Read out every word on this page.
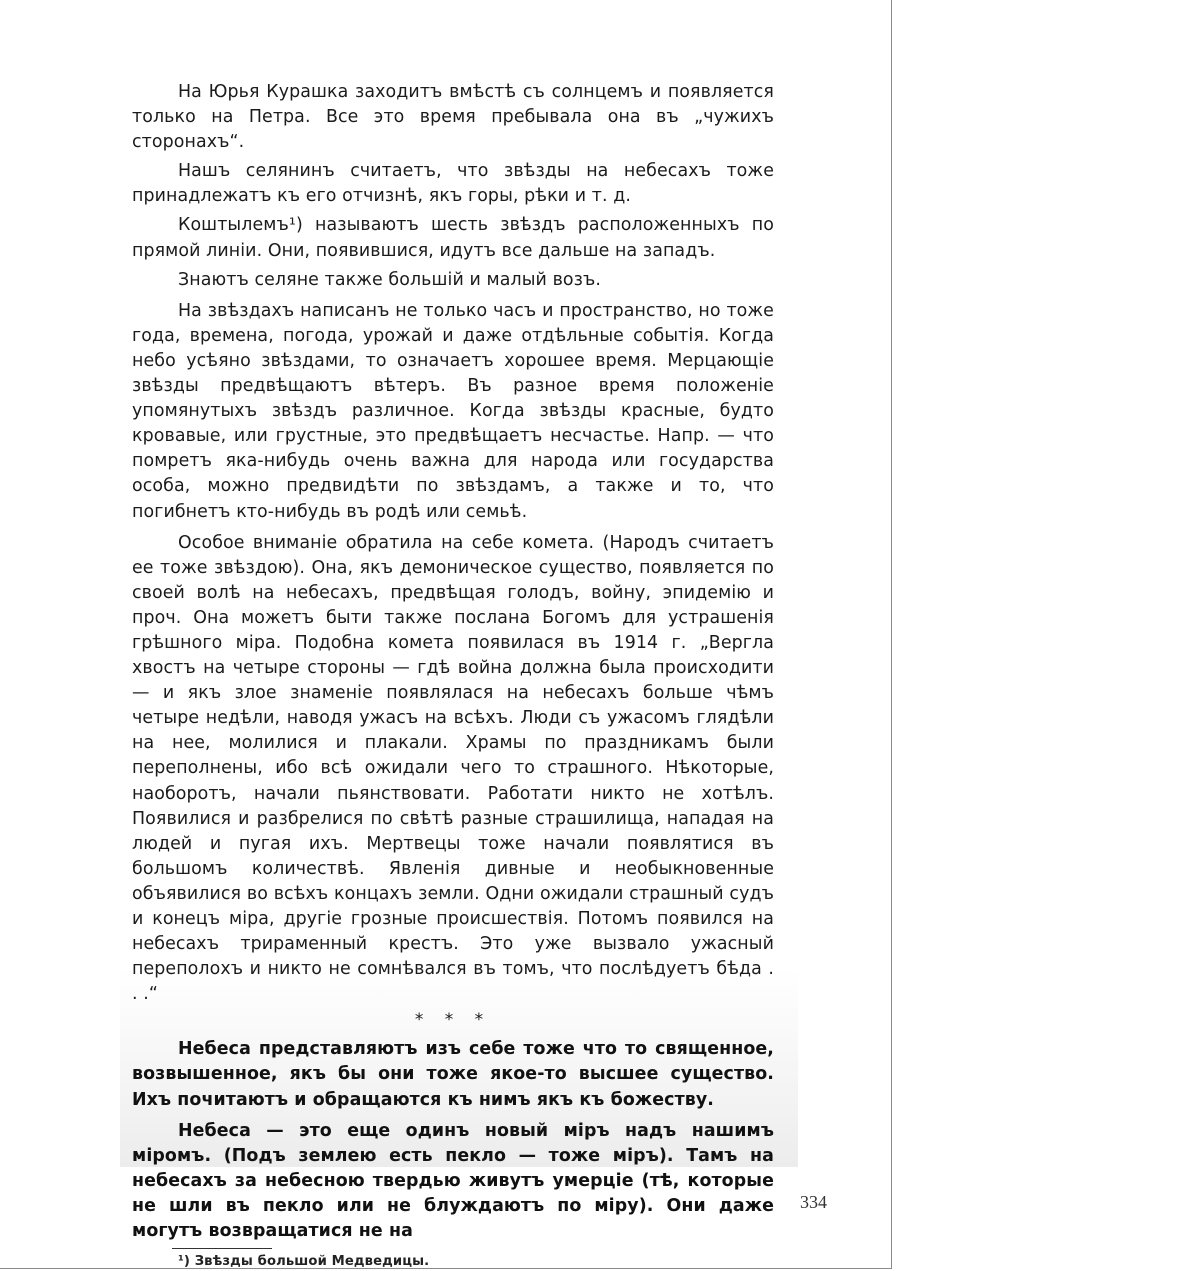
На Юрья Курашка заходитъ вмѣстѣ съ солнцемъ и появляется только на Петра. Все это время пребывала она въ „чужихъ сторонахъ“.

Нашъ селянинъ считаетъ, что звѣзды на небесахъ тоже принадлежатъ къ его отчизнѣ, якъ горы, рѣки и т. д.

Коштылемъ¹) называютъ шесть звѣздъ расположенныхъ по прямой линіи. Они, появившися, идутъ все дальше на западъ.

Знаютъ селяне также большій и малый возъ.

На звѣздахъ написанъ не только часъ и пространство, но тоже года, времена, погода, урожай и даже отдѣльные событія. Когда небо усѣяно звѣздами, то означаетъ хорошее время. Мерцающіе звѣзды предвѣщаютъ вѣтеръ. Въ разное время положеніе упомянутыхъ звѣздъ различное. Когда звѣзды красные, будто кровавые, или грустные, это предвѣщаетъ несчастье. Напр. — что помретъ яка-нибудь очень важна для народа или государства особа, можно предвидѣти по звѣздамъ, а также и то, что погибнетъ кто-нибудь въ родѣ или семьѣ.

Особое вниманіе обратила на себе комета. (Народъ считаетъ ее тоже звѣздою). Она, якъ демоническое существо, появляется по своей волѣ на небесахъ, предвѣщая голодъ, войну, эпидемію и проч. Она можетъ быти также послана Богомъ для устрашенія грѣшного міра. Подобна комета появилася въ 1914 г. „Вергла хвостъ на четыре стороны — гдѣ война должна была происходити — и якъ злое знаменіе появлялася на небесахъ больше чѣмъ четыре недѣли, наводя ужасъ на всѣхъ. Люди съ ужасомъ глядѣли на нее, молилися и плакали. Храмы по праздникамъ были переполнены, ибо всѣ ожидали чего то страшного. Нѣкоторые, наоборотъ, начали пьянствовати. Работати никто не хотѣлъ. Появилися и разбрелися по свѣтѣ разные страшилища, нападая на людей и пугая ихъ. Мертвецы тоже начали появлятися въ большомъ количествѣ. Явленія дивные и необыкновенные объявилися во всѣхъ концахъ земли. Одни ожидали страшный судъ и конецъ міра, другіе грозные происшествія. Потомъ появился на небесахъ трираменный крестъ. Это уже вызвало ужасный переполохъ и никто не сомнѣвался въ томъ, что послѣдуетъ бѣда . . .“

* * *

Небеса представляютъ изъ себе тоже что то священное, возвышенное, якъ бы они тоже якое-то высшее существо. Ихъ почитаютъ и обращаются къ нимъ якъ къ божеству.

Небеса — это еще одинъ новый міръ надъ нашимъ міромъ. (Подъ землею есть пекло — тоже міръ). Тамъ на небесахъ за небесною твердью живутъ умерцiе (тѣ, которые не шли въ пекло или не блуждаютъ по міру). Они даже могутъ возвращатися не на

¹) Звѣзды большой Медведицы.

334
